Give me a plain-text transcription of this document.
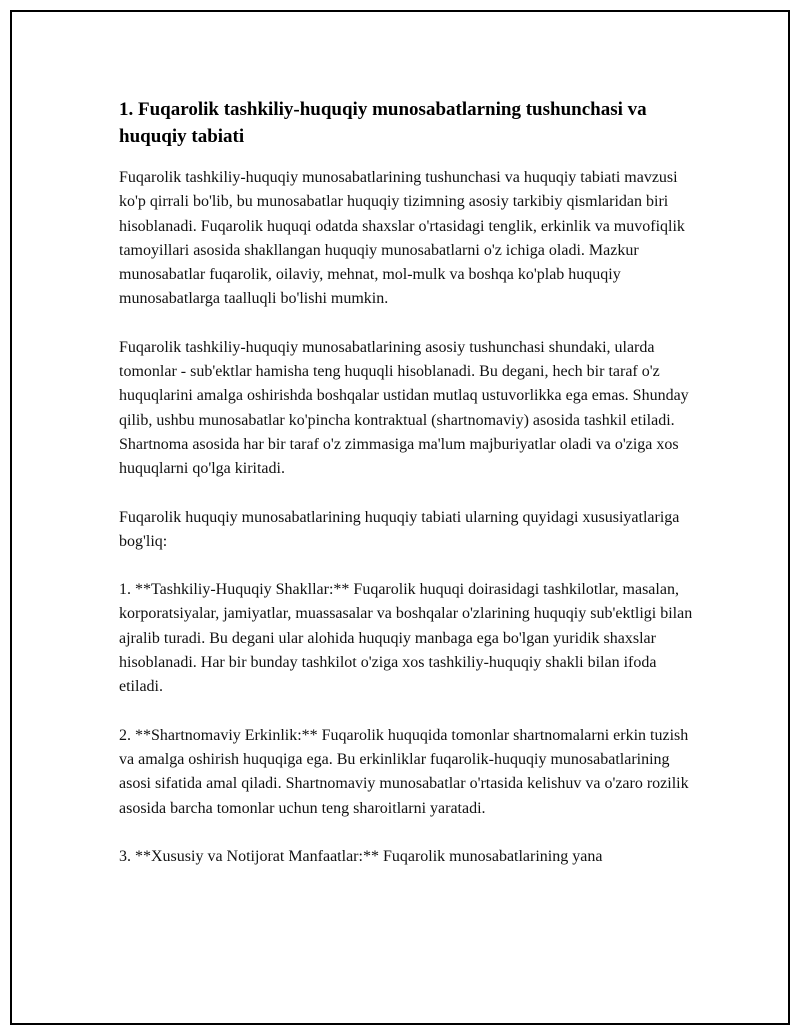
1. Fuqarolik tashkiliy-huquqiy munosabatlarning tushunchasi va huquqiy tabiati

Fuqarolik tashkiliy-huquqiy munosabatlarining tushunchasi va huquqiy tabiati mavzusi ko'p qirrali bo'lib, bu munosabatlar huquqiy tizimning asosiy tarkibiy qismlaridan biri hisoblanadi. Fuqarolik huquqi odatda shaxslar o'rtasidagi tenglik, erkinlik va muvofiqlik tamoyillari asosida shakllangan huquqiy munosabatlarni o'z ichiga oladi. Mazkur munosabatlar fuqarolik, oilaviy, mehnat, mol-mulk va boshqa ko'plab huquqiy munosabatlarga taalluqli bo'lishi mumkin.

Fuqarolik tashkiliy-huquqiy munosabatlarining asosiy tushunchasi shundaki, ularda tomonlar - sub'ektlar hamisha teng huquqli hisoblanadi. Bu degani, hech bir taraf o'z huquqlarini amalga oshirishda boshqalar ustidan mutlaq ustuvorlikka ega emas. Shunday qilib, ushbu munosabatlar ko'pincha kontraktual (shartnomaviy) asosida tashkil etiladi. Shartnoma asosida har bir taraf o'z zimmasiga ma'lum majburiyatlar oladi va o'ziga xos huquqlarni qo'lga kiritadi.

Fuqarolik huquqiy munosabatlarining huquqiy tabiati ularning quyidagi xususiyatlariga bog'liq:

1. **Tashkiliy-Huquqiy Shakllar:** Fuqarolik huquqi doirasidagi tashkilotlar, masalan, korporatsiyalar, jamiyatlar, muassasalar va boshqalar o'zlarining huquqiy sub'ektligi bilan ajralib turadi. Bu degani ular alohida huquqiy manbaga ega bo'lgan yuridik shaxslar hisoblanadi. Har bir bunday tashkilot o'ziga xos tashkiliy-huquqiy shakli bilan ifoda etiladi.

2. **Shartnomaviy Erkinlik:** Fuqarolik huquqida tomonlar shartnomalarni erkin tuzish va amalga oshirish huquqiga ega. Bu erkinliklar fuqarolik-huquqiy munosabatlarining asosi sifatida amal qiladi. Shartnomaviy munosabatlar o'rtasida kelishuv va o'zaro rozilik asosida barcha tomonlar uchun teng sharoitlarni yaratadi.

3. **Xususiy va Notijorat Manfaatlar:** Fuqarolik munosabatlarining yana
